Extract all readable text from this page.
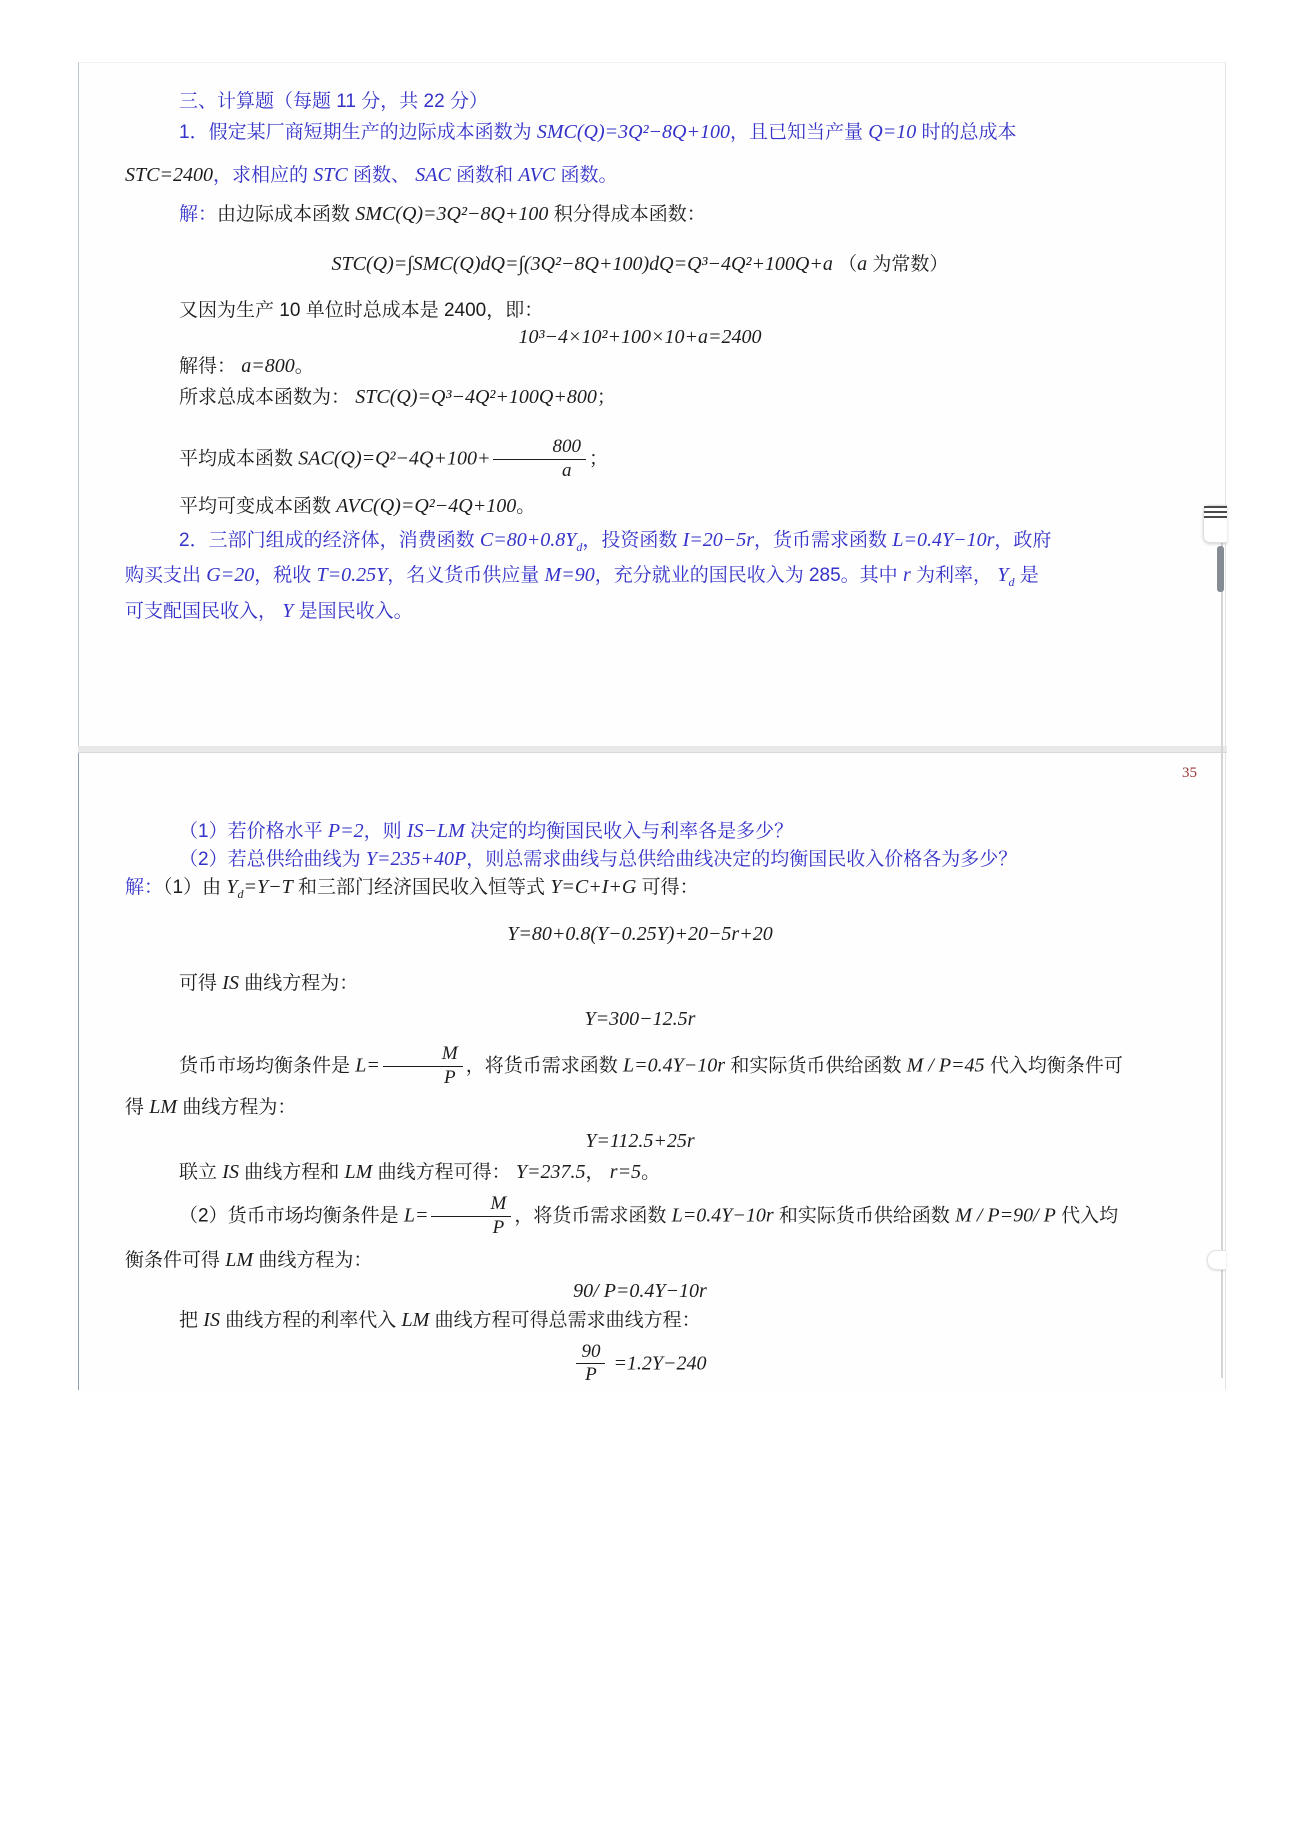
三、计算题（每题 11 分，共 22 分）
1．假定某厂商短期生产的边际成本函数为 SMC(Q)=3Q²−8Q+100，且已知当产量 Q=10 时的总成本
STC=2400，求相应的 STC 函数、 SAC 函数和 AVC 函数。
解：由边际成本函数 SMC(Q)=3Q²−8Q+100 积分得成本函数：
STC(Q)=∫SMC(Q)dQ=∫(3Q²−8Q+100)dQ=Q³−4Q²+100Q+a （a 为常数）
又因为生产 10 单位时总成本是 2400，即：
10³−4×10²+100×10+a=2400
解得： a=800。
所求总成本函数为： STC(Q)=Q³−4Q²+100Q+800；
平均成本函数 $SAC(Q)=Q^2-4Q+100+ \frac{800}{a}$ ；
平均可变成本函数 AVC(Q)=Q²−4Q+100。
2．三部门组成的经济体，消费函数 $C=80+0.8Y_d$，投资函数 I=20−5r，货币需求函数 L=0.4Y−10r，政府
购买支出 G=20，税收 T=0.25Y，名义货币供应量 M=90，充分就业的国民收入为 285。其中 r 为利率， $Y_d$ 是
可支配国民收入， Y 是国民收入。
35
（1）若价格水平 P=2，则 IS−LM 决定的均衡国民收入与利率各是多少？
（2）若总供给曲线为 Y=235+40P，则总需求曲线与总供给曲线决定的均衡国民收入价格各为多少？
解：（1）由 $Y_d=Y-T$ 和三部门经济国民收入恒等式 Y=C+I+G 可得：
Y=80+0.8(Y−0.25Y)+20−5r+20
可得 IS 曲线方程为：
Y=300−12.5r
货币市场均衡条件是 $L= \frac{M}{P}$ ，将货币需求函数 L=0.4Y−10r 和实际货币供给函数 M / P=45 代入均衡条件可
得 LM 曲线方程为：
Y=112.5+25r
联立 IS 曲线方程和 LM 曲线方程可得： Y=237.5， r=5。
（2）货币市场均衡条件是 $L= \frac{M}{P}$ ，将货币需求函数 L=0.4Y−10r 和实际货币供给函数 M / P=90/ P 代入均
衡条件可得 LM 曲线方程为：
90/ P=0.4Y−10r
把 IS 曲线方程的利率代入 LM 曲线方程可得总需求曲线方程：
$\frac{90}{P} =1.2Y-240$
